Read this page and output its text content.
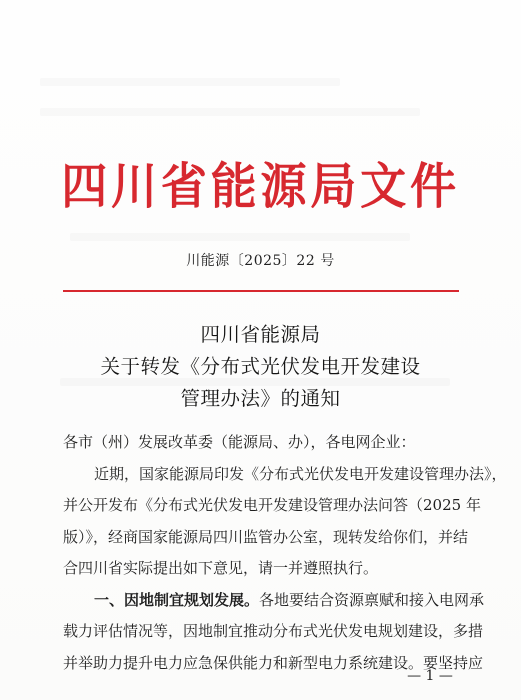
四川省能源局文件
川能源〔2025〕22 号
四川省能源局
关于转发《分布式光伏发电开发建设
管理办法》的通知
各市（州）发展改革委（能源局、办），各电网企业：
近期，国家能源局印发《分布式光伏发电开发建设管理办法》，
并公开发布《分布式光伏发电开发建设管理办法问答（2025 年
版）》，经商国家能源局四川监管办公室，现转发给你们，并结
合四川省实际提出如下意见，请一并遵照执行。
一、因地制宜规划发展。各地要结合资源禀赋和接入电网承
载力评估情况等，因地制宜推动分布式光伏发电规划建设，多措
并举助力提升电力应急保供能力和新型电力系统建设。要坚持应
— 1 —
